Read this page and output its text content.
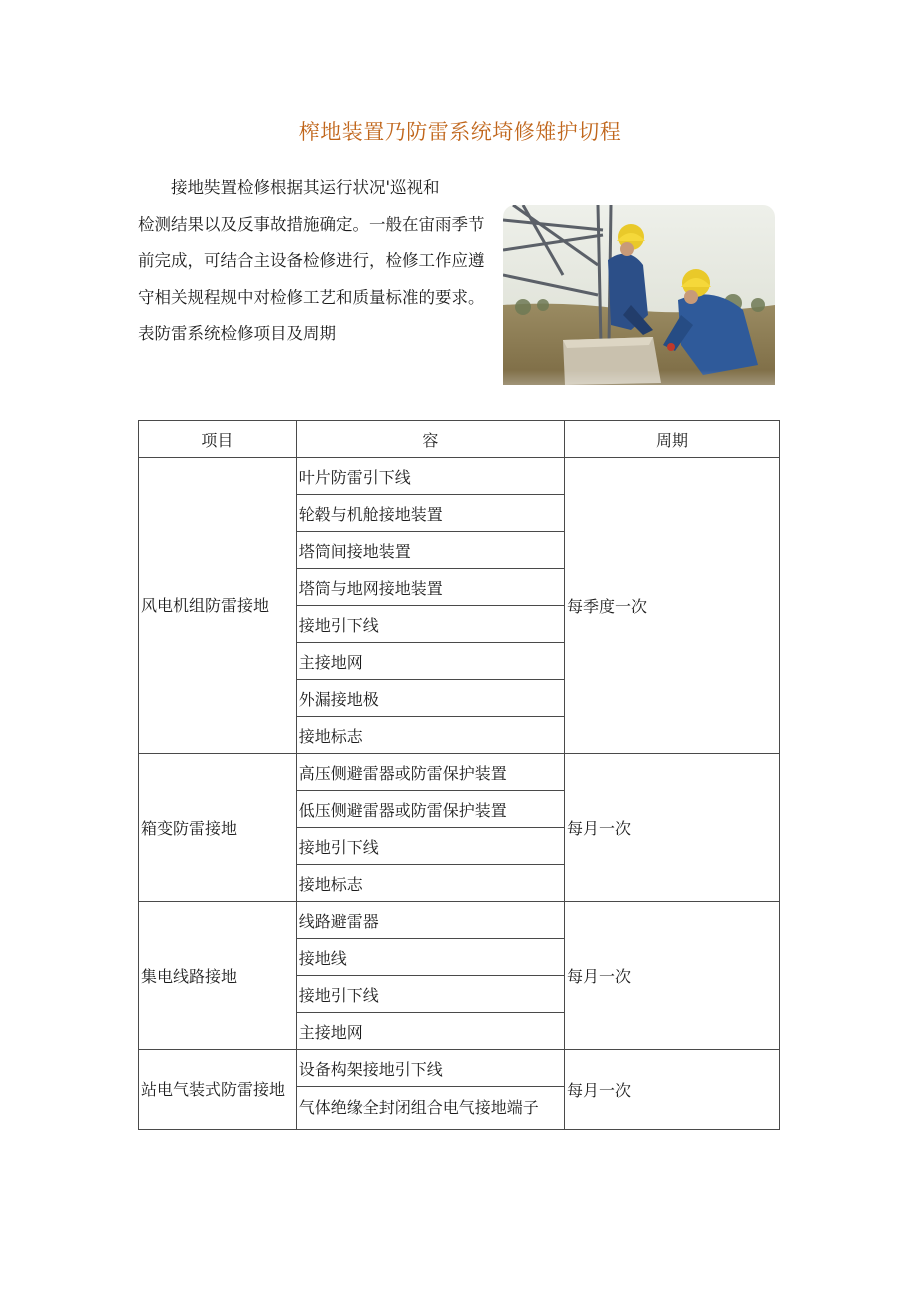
榨地装置乃防雷系统埼修雉护切程
接地奘置检修根据其运行状况'巡视和
检测结果以及反事故措施确定。一般在宙雨季节
前完成，可结合主设备检修进行，检修工作应遵
守相关规程规中对检修工艺和质量标准的要求。
表防雷系统检修项目及周期
项目	容	周期
风电机组防雷接地	叶片防雷引下线	每季度一次
	轮毂与机舱接地装置	
	塔筒间接地装置	
	塔筒与地网接地装置	
	接地引下线	
	主接地网	
	外漏接地极	
	接地标志	
箱变防雷接地	高压侧避雷器或防雷保护装置	每月一次
	低压侧避雷器或防雷保护装置	
	接地引下线	
	接地标志	
集电线路接地	线路避雷器	每月一次
	接地线	
	接地引下线	
	主接地网	
站电气装式防雷接地	设备构架接地引下线	每月一次
	气体绝缘全封闭组合电气接地端子	
